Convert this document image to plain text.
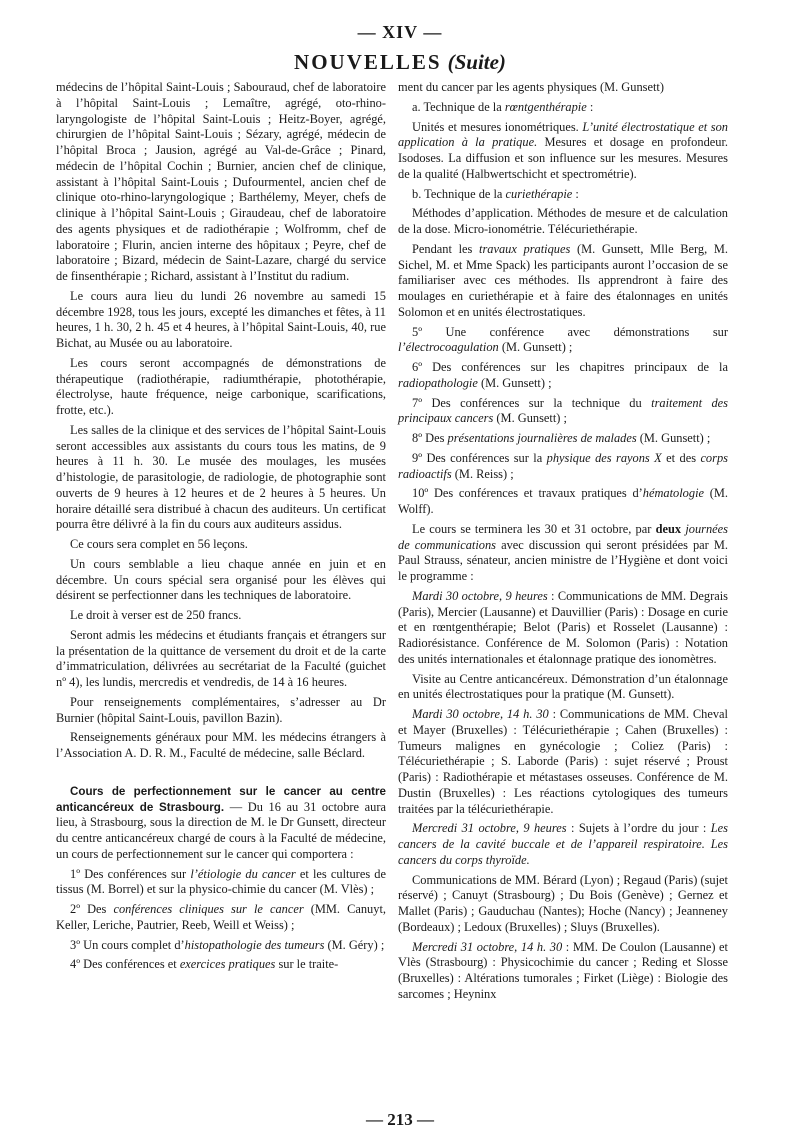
— XIV —
NOUVELLES (Suite)

médecins de l’hôpital Saint-Louis ; Sabouraud, chef de laboratoire à l’hôpital Saint-Louis ; Lemaître, agrégé, oto-rhino-laryngologiste de l’hôpital Saint-Louis ; Heitz-Boyer, agrégé, chirurgien de l’hôpital Saint-Louis ; Sézary, agrégé, médecin de l’hôpital Broca ; Jausion, agrégé au Val-de-Grâce ; Pinard, médecin de l’hôpital Cochin ; Burnier, ancien chef de clinique, assistant à l’hôpital Saint-Louis ; Dufourmentel, ancien chef de clinique oto-rhino-laryngologique ; Barthélemy, Meyer, chefs de clinique à l’hôpital Saint-Louis ; Giraudeau, chef de laboratoire des agents physiques et de radiothérapie ; Wolfromm, chef de laboratoire ; Flurin, ancien interne des hôpitaux ; Peyre, chef de laboratoire ; Bizard, médecin de Saint-Lazare, chargé du service de finsenthérapie ; Richard, assistant à l’Institut du radium.

Le cours aura lieu du lundi 26 novembre au samedi 15 décembre 1928, tous les jours, excepté les dimanches et fêtes, à 11 heures, 1 h. 30, 2 h. 45 et 4 heures, à l’hôpital Saint-Louis, 40, rue Bichat, au Musée ou au laboratoire.

Les cours seront accompagnés de démonstrations de thérapeutique (radiothérapie, radiumthérapie, photothérapie, électrolyse, haute fréquence, neige carbonique, scarifications, frotte, etc.).

Les salles de la clinique et des services de l’hôpital Saint-Louis seront accessibles aux assistants du cours tous les matins, de 9 heures à 11 h. 30. Le musée des moulages, les musées d’histologie, de parasitologie, de radiologie, de photographie sont ouverts de 9 heures à 12 heures et de 2 heures à 5 heures. Un horaire détaillé sera distribué à chacun des auditeurs. Un certificat pourra être délivré à la fin du cours aux auditeurs assidus.

Ce cours sera complet en 56 leçons.

Un cours semblable a lieu chaque année en juin et en décembre. Un cours spécial sera organisé pour les élèves qui désirent se perfectionner dans les techniques de laboratoire.

Le droit à verser est de 250 francs.

Seront admis les médecins et étudiants français et étrangers sur la présentation de la quittance de versement du droit et de la carte d’immatriculation, délivrées au secrétariat de la Faculté (guichet nº 4), les lundis, mercredis et vendredis, de 14 à 16 heures.

Pour renseignements complémentaires, s’adresser au Dr Burnier (hôpital Saint-Louis, pavillon Bazin).

Renseignements généraux pour MM. les médecins étrangers à l’Association A. D. R. M., Faculté de médecine, salle Béclard.

Cours de perfectionnement sur le cancer au centre anticancéreux de Strasbourg. — Du 16 au 31 octobre aura lieu, à Strasbourg, sous la direction de M. le Dr Gunsett, directeur du centre anticancéreux chargé de cours à la Faculté de médecine, un cours de perfectionnement sur le cancer qui comportera :

1º Des conférences sur l’étiologie du cancer et les cultures de tissus (M. Borrel) et sur la physico-chimie du cancer (M. Vlès) ;

2º Des conférences cliniques sur le cancer (MM. Canuyt, Keller, Leriche, Pautrier, Reeb, Weill et Weiss) ;

3º Un cours complet d’histopathologie des tumeurs (M. Géry) ;

4º Des conférences et exercices pratiques sur le traite-

ment du cancer par les agents physiques (M. Gunsett)

a. Technique de la rœntgenthérapie :

Unités et mesures ionométriques. L’unité électrostatique et son application à la pratique. Mesures et dosage en profondeur. Isodoses. La diffusion et son influence sur les mesures. Mesures de la qualité (Halbwertschicht et spectrométrie).

b. Technique de la curiethérapie :

Méthodes d’application. Méthodes de mesure et de calculation de la dose. Micro-ionométrie. Télécuriethérapie.

Pendant les travaux pratiques (M. Gunsett, Mlle Berg, M. Sichel, M. et Mme Spack) les participants auront l’occasion de se familiariser avec ces méthodes. Ils apprendront à faire des moulages en curiethérapie et à faire des étalonnages en unités Solomon et en unités électrostatiques.

5º Une conférence avec démonstrations sur l’électrocoagulation (M. Gunsett) ;

6º Des conférences sur les chapitres principaux de la radiopathologie (M. Gunsett) ;

7º Des conférences sur la technique du traitement des principaux cancers (M. Gunsett) ;

8º Des présentations journalières de malades (M. Gunsett) ;

9º Des conférences sur la physique des rayons X et des corps radioactifs (M. Reiss) ;

10º Des conférences et travaux pratiques d’hématologie (M. Wolff).

Le cours se terminera les 30 et 31 octobre, par deux journées de communications avec discussion qui seront présidées par M. Paul Strauss, sénateur, ancien ministre de l’Hygiène et dont voici le programme :

Mardi 30 octobre, 9 heures : Communications de MM. Degrais (Paris), Mercier (Lausanne) et Dauvillier (Paris) : Dosage en curie et en rœntgenthérapie; Belot (Paris) et Rosselet (Lausanne) : Radiorésistance. Conférence de M. Solomon (Paris) : Notation des unités internationales et étalonnage pratique des ionomètres.

Visite au Centre anticancéreux. Démonstration d’un étalonnage en unités électrostatiques pour la pratique (M. Gunsett).

Mardi 30 octobre, 14 h. 30 : Communications de MM. Cheval et Mayer (Bruxelles) : Télécuriethérapie ; Cahen (Bruxelles) : Tumeurs malignes en gynécologie ; Coliez (Paris) : Télécuriethérapie ; S. Laborde (Paris) : sujet réservé ; Proust (Paris) : Radiothérapie et métastases osseuses. Conférence de M. Dustin (Bruxelles) : Les réactions cytologiques des tumeurs traitées par la télécuriethérapie.

Mercredi 31 octobre, 9 heures : Sujets à l’ordre du jour : Les cancers de la cavité buccale et de l’appareil respiratoire. Les cancers du corps thyroïde.

Communications de MM. Bérard (Lyon) ; Regaud (Paris) (sujet réservé) ; Canuyt (Strasbourg) ; Du Bois (Genève) ; Gernez et Mallet (Paris) ; Gauduchau (Nantes); Hoche (Nancy) ; Jeanneney (Bordeaux) ; Ledoux (Bruxelles) ; Sluys (Bruxelles).

Mercredi 31 octobre, 14 h. 30 : MM. De Coulon (Lausanne) et Vlès (Strasbourg) : Physicochimie du cancer ; Reding et Slosse (Bruxelles) : Altérations tumorales ; Firket (Liège) : Biologie des sarcomes ; Heyninx

— 213 —
